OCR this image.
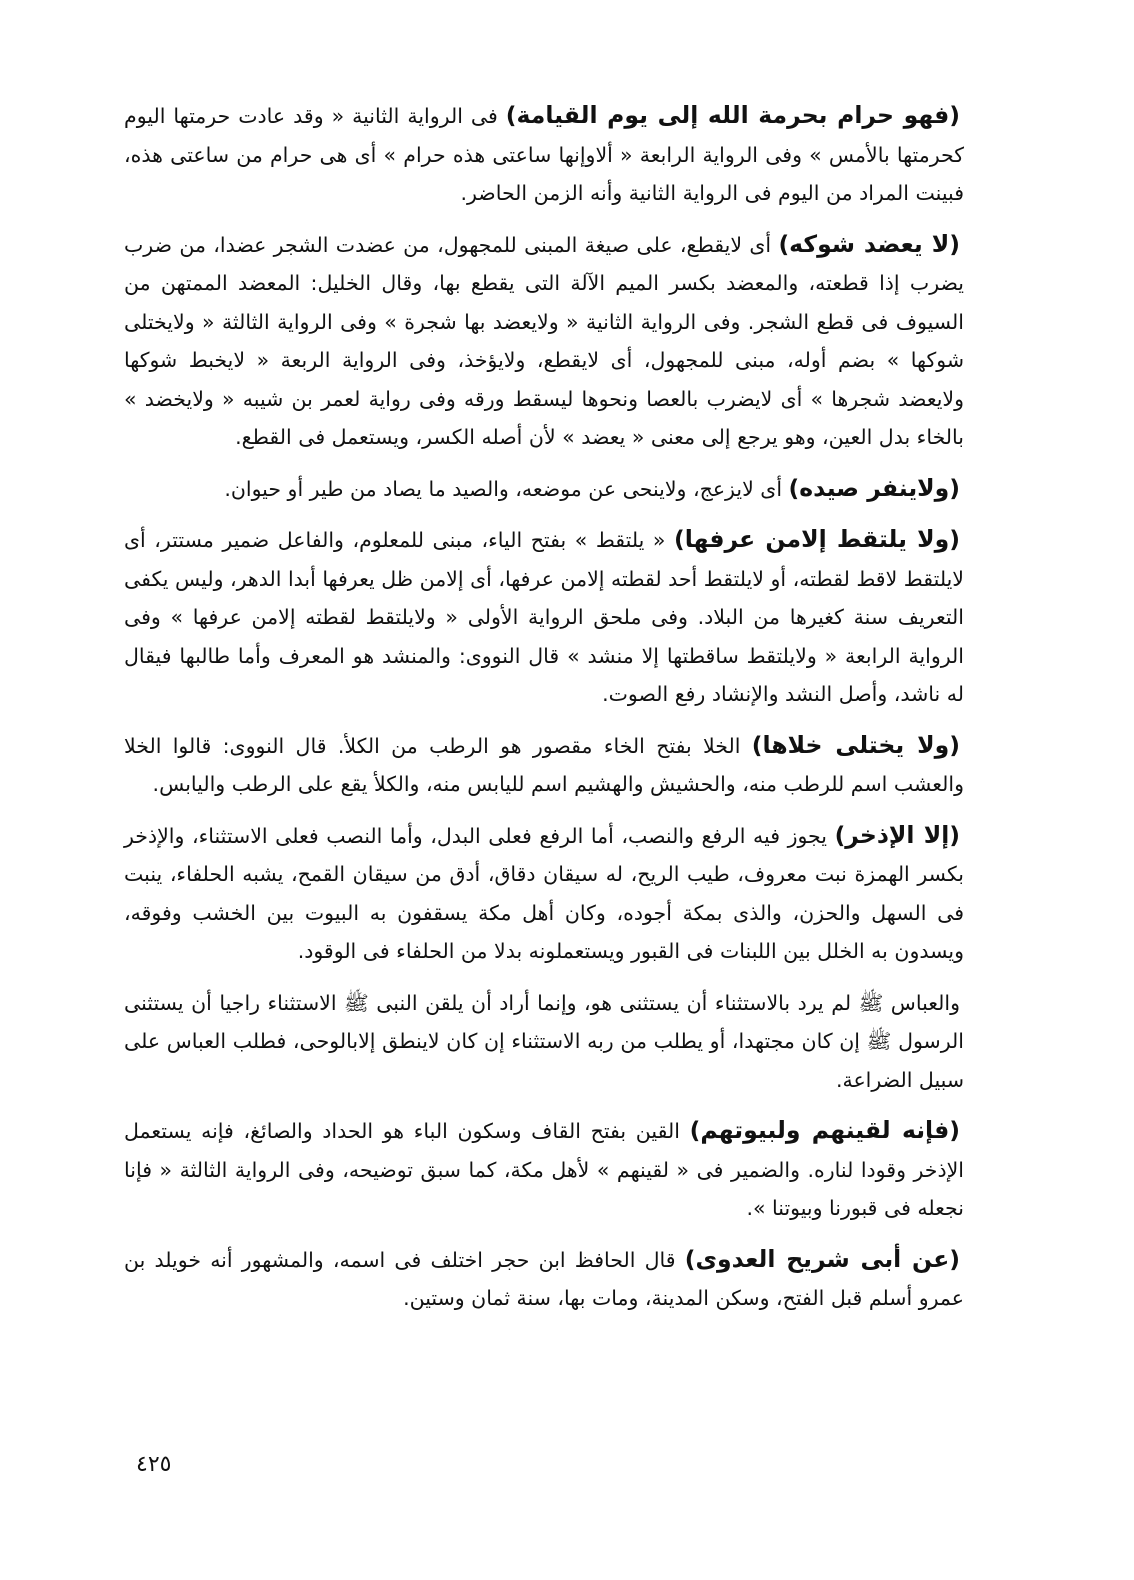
(فهو حرام بحرمة الله إلى يوم القيامة) فى الرواية الثانية « وقد عادت حرمتها اليوم كحرمتها بالأمس » وفى الرواية الرابعة « ألاوإنها ساعتى هذه حرام » أى هى حرام من ساعتى هذه، فبينت المراد من اليوم فى الرواية الثانية وأنه الزمن الحاضر.

(لا يعضد شوكه) أى لايقطع، على صيغة المبنى للمجهول، من عضدت الشجر عضدا، من ضرب يضرب إذا قطعته، والمعضد بكسر الميم الآلة التى يقطع بها، وقال الخليل: المعضد الممتهن من السيوف فى قطع الشجر. وفى الرواية الثانية « ولايعضد بها شجرة » وفى الرواية الثالثة « ولايختلى شوكها » بضم أوله، مبنى للمجهول، أى لايقطع، ولايؤخذ، وفى الرواية الربعة « لايخبط شوكها ولايعضد شجرها » أى لايضرب بالعصا ونحوها ليسقط ورقه وفى رواية لعمر بن شيبه « ولايخضد » بالخاء بدل العين، وهو يرجع إلى معنى « يعضد » لأن أصله الكسر، ويستعمل فى القطع.

(ولاينفر صيده) أى لايزعج، ولاينحى عن موضعه، والصيد ما يصاد من طير أو حيوان.

(ولا يلتقط إلامن عرفها) « يلتقط » بفتح الياء، مبنى للمعلوم، والفاعل ضمير مستتر، أى لايلتقط لاقط لقطته، أو لايلتقط أحد لقطته إلامن عرفها، أى إلامن ظل يعرفها أبدا الدهر، وليس يكفى التعريف سنة كغيرها من البلاد. وفى ملحق الرواية الأولى « ولايلتقط لقطته إلامن عرفها » وفى الرواية الرابعة « ولايلتقط ساقطتها إلا منشد » قال النووى: والمنشد هو المعرف وأما طالبها فيقال له ناشد، وأصل النشد والإنشاد رفع الصوت.

(ولا يختلى خلاها) الخلا بفتح الخاء مقصور هو الرطب من الكلأ. قال النووى: قالوا الخلا والعشب اسم للرطب منه، والحشيش والهشيم اسم لليابس منه، والكلأ يقع على الرطب واليابس.

(إلا الإذخر) يجوز فيه الرفع والنصب، أما الرفع فعلى البدل، وأما النصب فعلى الاستثناء، والإذخر بكسر الهمزة نبت معروف، طيب الريح، له سيقان دقاق، أدق من سيقان القمح، يشبه الحلفاء، ينبت فى السهل والحزن، والذى بمكة أجوده، وكان أهل مكة يسقفون به البيوت بين الخشب وفوقه، ويسدون به الخلل بين اللبنات فى القبور ويستعملونه بدلا من الحلفاء فى الوقود.

والعباس ﷺ لم يرد بالاستثناء أن يستثنى هو، وإنما أراد أن يلقن النبى ﷺ الاستثناء راجيا أن يستثنى الرسول ﷺ إن كان مجتهدا، أو يطلب من ربه الاستثناء إن كان لاينطق إلابالوحى، فطلب العباس على سبيل الضراعة.

(فإنه لقينهم ولبيوتهم) القين بفتح القاف وسكون الباء هو الحداد والصائغ، فإنه يستعمل الإذخر وقودا لناره. والضمير فى « لقينهم » لأهل مكة، كما سبق توضيحه، وفى الرواية الثالثة « فإنا نجعله فى قبورنا وبيوتنا ».

(عن أبى شريح العدوى) قال الحافظ ابن حجر اختلف فى اسمه، والمشهور أنه خويلد بن عمرو أسلم قبل الفتح، وسكن المدينة، ومات بها، سنة ثمان وستين.

٤٢٥
